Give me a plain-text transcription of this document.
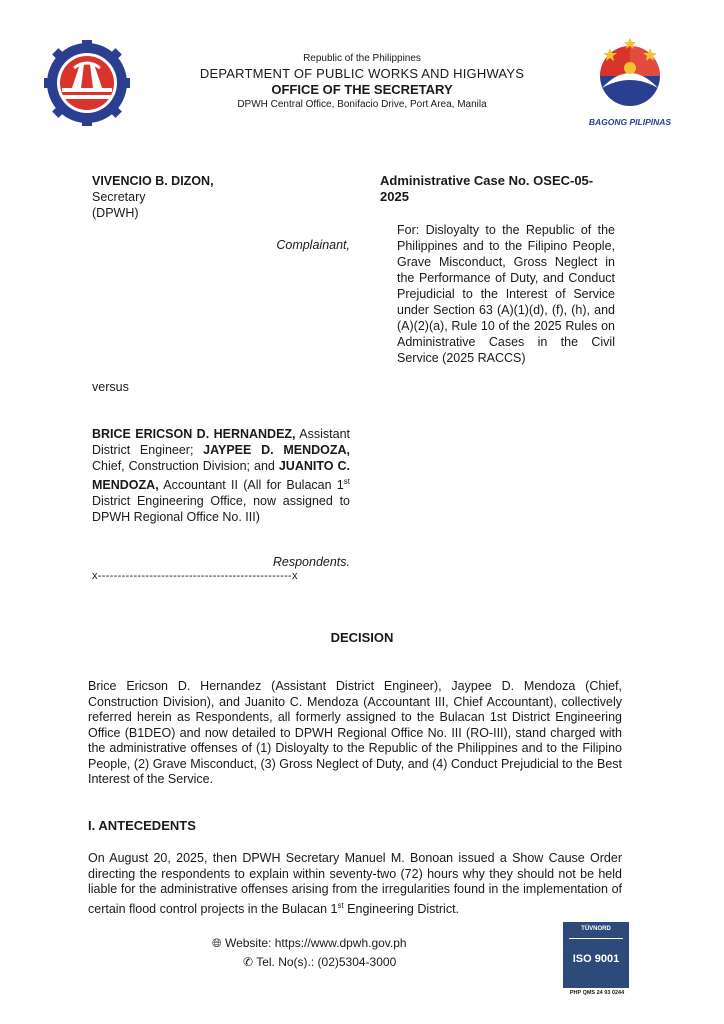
Republic of the Philippines
DEPARTMENT OF PUBLIC WORKS AND HIGHWAYS
OFFICE OF THE SECRETARY
DPWH Central Office, Bonifacio Drive, Port Area, Manila
BAGONG PILIPINAS
VIVENCIO B. DIZON,
Secretary
(DPWH)
Complainant,
Administrative Case No. OSEC-05-
2025
For: Disloyalty to the Republic of the Philippines and to the Filipino People, Grave Misconduct, Gross Neglect in the Performance of Duty, and Conduct Prejudicial to the Interest of Service under Section 63 (A)(1)(d), (f), (h), and (A)(2)(a), Rule 10 of the 2025 Rules on Administrative Cases in the Civil Service (2025 RACCS)
versus
BRICE ERICSON D. HERNANDEZ, Assistant District Engineer; JAYPEE D. MENDOZA, Chief, Construction Division; and JUANITO C. MENDOZA, Accountant II (All for Bulacan 1st District Engineering Office, now assigned to DPWH Regional Office No. III)
Respondents.
x-------------------------------------------------x
DECISION
Brice Ericson D. Hernandez (Assistant District Engineer), Jaypee D. Mendoza (Chief, Construction Division), and Juanito C. Mendoza (Accountant III, Chief Accountant), collectively referred herein as Respondents, all formerly assigned to the Bulacan 1st District Engineering Office (B1DEO) and now detailed to DPWH Regional Office No. III (RO-III), stand charged with the administrative offenses of (1) Disloyalty to the Republic of the Philippines and to the Filipino People, (2) Grave Misconduct, (3) Gross Neglect of Duty, and (4) Conduct Prejudicial to the Best Interest of the Service.
I. ANTECEDENTS
On August 20, 2025, then DPWH Secretary Manuel M. Bonoan issued a Show Cause Order directing the respondents to explain within seventy-two (72) hours why they should not be held liable for the administrative offenses arising from the irregularities found in the implementation of certain flood control projects in the Bulacan 1st Engineering District.
🌐︎ Website: https://www.dpwh.gov.ph
✆ Tel. No(s).: (02)5304-3000
TÜVNORD
ISO 9001
PHP QMS 24 93 0244
